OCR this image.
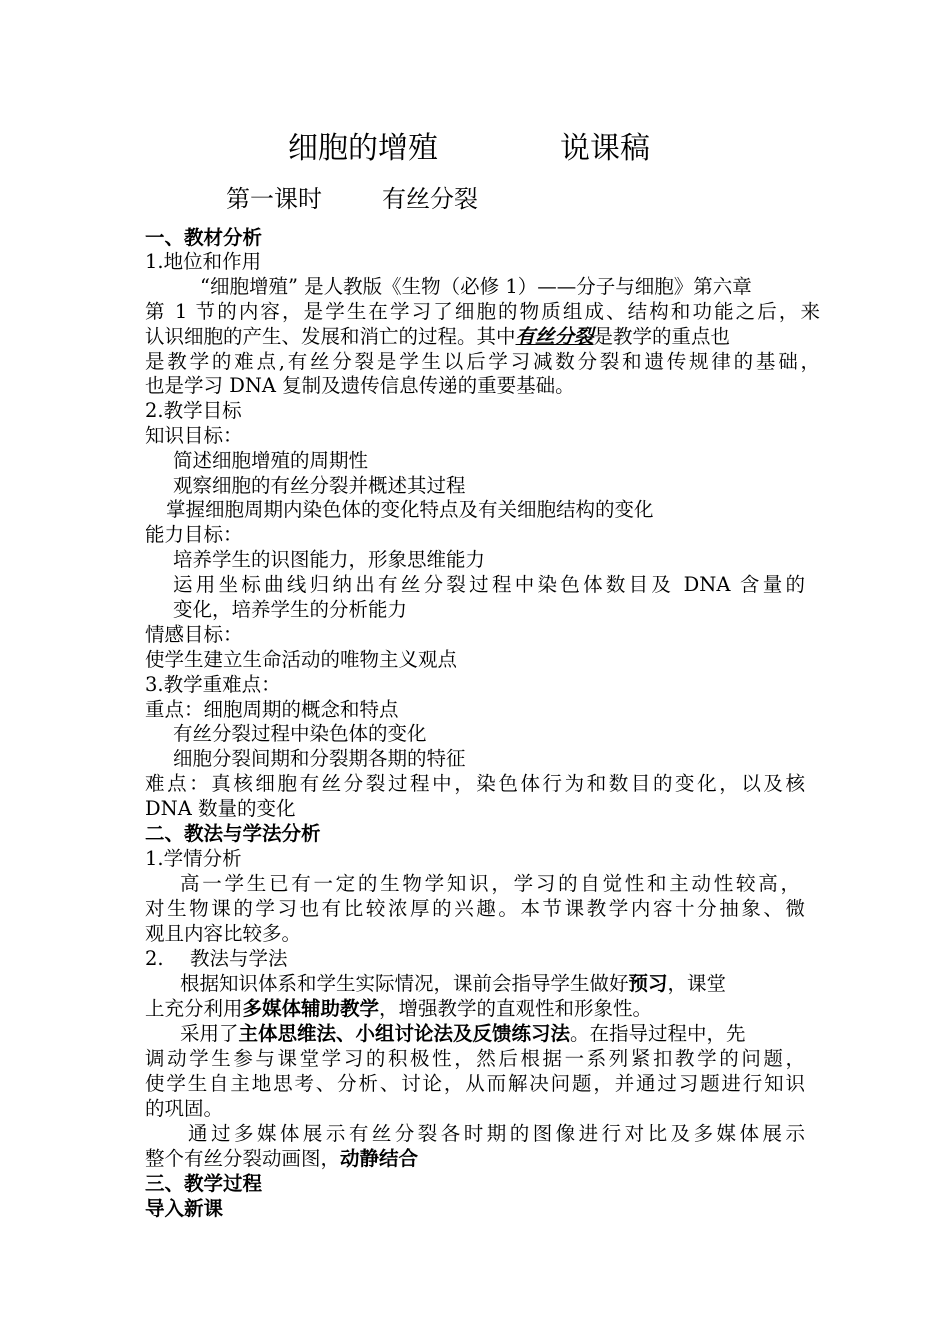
细胞的增殖	说课稿
第一课时	有丝分裂
一、教材分析
1.地位和作用
“细胞增殖” 是人教版《生物（必修 1）——分子与细胞》第六章
第 1 节的内容，是学生在学习了细胞的物质组成、结构和功能之后，来
认识细胞的产生、发展和消亡的过程。其中有丝分裂是教学的重点也
是教学的难点,有丝分裂是学生以后学习减数分裂和遗传规律的基础，
也是学习 DNA 复制及遗传信息传递的重要基础。
2.教学目标
知识目标：
简述细胞增殖的周期性
观察细胞的有丝分裂并概述其过程
掌握细胞周期内染色体的变化特点及有关细胞结构的变化
能力目标：
培养学生的识图能力，形象思维能力
运用坐标曲线归纳出有丝分裂过程中染色体数目及 DNA 含量的
变化，培养学生的分析能力
情感目标：
使学生建立生命活动的唯物主义观点
3.教学重难点：
重点：细胞周期的概念和特点
有丝分裂过程中染色体的变化
细胞分裂间期和分裂期各期的特征
难点：真核细胞有丝分裂过程中，染色体行为和数目的变化，以及核
DNA 数量的变化
二、教法与学法分析
1.学情分析
高一学生已有一定的生物学知识，学习的自觉性和主动性较高，
对生物课的学习也有比较浓厚的兴趣。本节课教学内容十分抽象、微
观且内容比较多。
2. 教法与学法
根据知识体系和学生实际情况，课前会指导学生做好预习，课堂
上充分利用多媒体辅助教学，增强教学的直观性和形象性。
采用了主体思维法、小组讨论法及反馈练习法。在指导过程中，先
调动学生参与课堂学习的积极性，然后根据一系列紧扣教学的问题，
使学生自主地思考、分析、讨论，从而解决问题，并通过习题进行知识
的巩固。
通过多媒体展示有丝分裂各时期的图像进行对比及多媒体展示
整个有丝分裂动画图，动静结合
三、教学过程
导入新课
